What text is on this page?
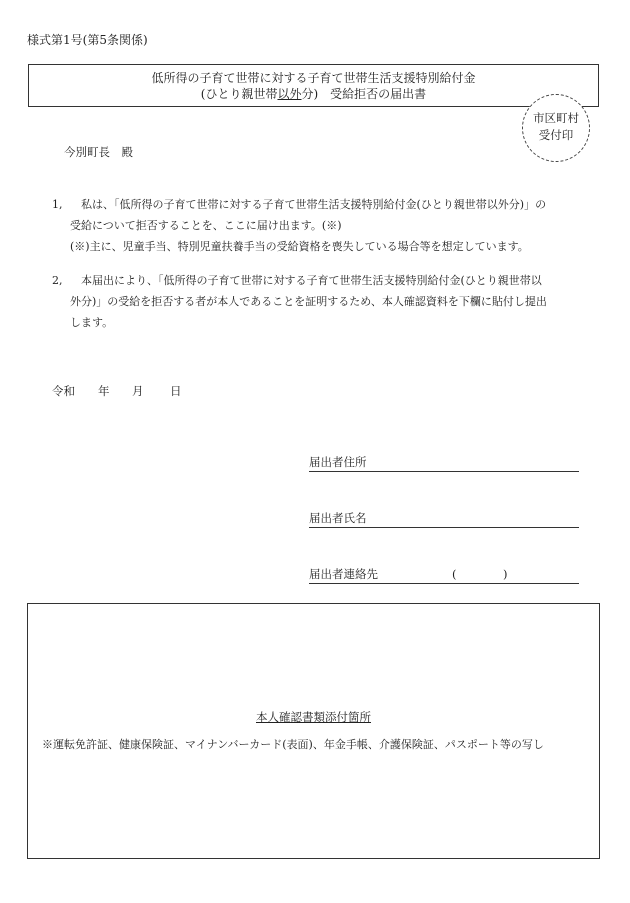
様式第1号(第5条関係)
低所得の子育て世帯に対する子育て世帯生活支援特別給付金
(ひとり親世帯以外分)　受給拒否の届出書
市区町村
受付印
今別町長　殿
1,	私は、「低所得の子育て世帯に対する子育て世帯生活支援特別給付金(ひとり親世帯以外分)」の
受給について拒否することを、ここに届け出ます。(※)
(※)主に、児童手当、特別児童扶養手当の受給資格を喪失している場合等を想定しています。
2,	本届出により、「低所得の子育て世帯に対する子育て世帯生活支援特別給付金(ひとり親世帯以
外分)」の受給を拒否する者が本人であることを証明するため、本人確認資料を下欄に貼付し提出
します。
令和 年 月 日
届出者住所
届出者氏名
届出者連絡先	(	)
本人確認書類添付箇所
※運転免許証、健康保険証、マイナンバーカード(表面)、年金手帳、介護保険証、パスポート等の写し
